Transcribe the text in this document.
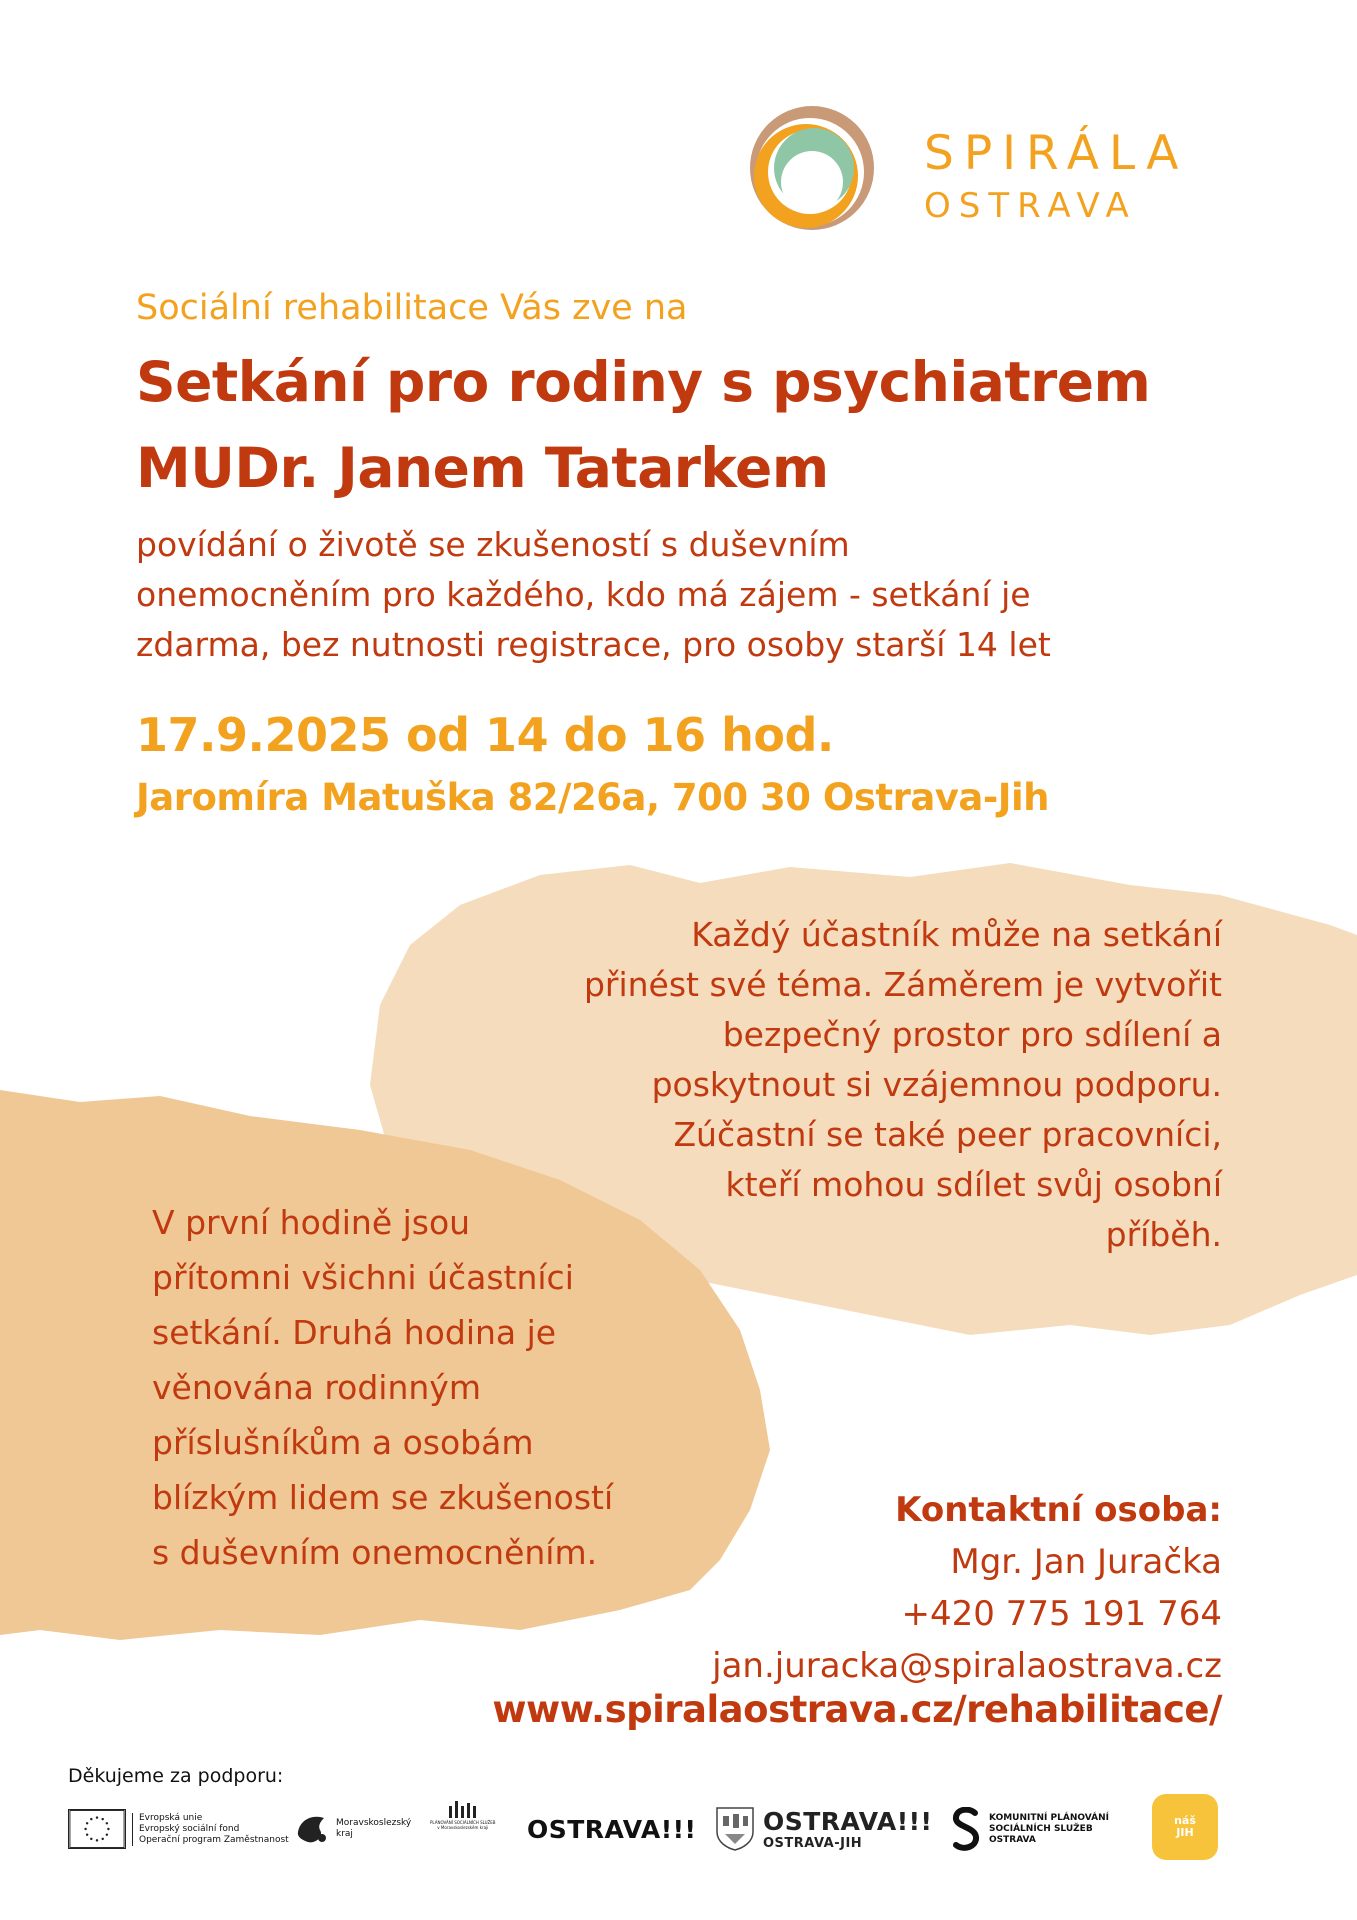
SPIRÁLA
OSTRAVA
Sociální rehabilitace Vás zve na
Setkání pro rodiny s psychiatrem
MUDr. Janem Tatarkem
povídání o životě se zkušeností s duševním
onemocněním pro každého, kdo má zájem - setkání je
zdarma, bez nutnosti registrace, pro osoby starší 14 let
17.9.2025 od 14 do 16 hod.
Jaromíra Matuška 82/26a, 700 30 Ostrava-Jih
Každý účastník může na setkání
přinést své téma. Záměrem je vytvořit
bezpečný prostor pro sdílení a
poskytnout si vzájemnou podporu.
Zúčastní se také peer pracovníci,
kteří mohou sdílet svůj osobní
příběh.
V první hodině jsou
přítomni všichni účastníci
setkání. Druhá hodina je
věnována rodinným
příslušníkům a osobám
blízkým lidem se zkušeností
s duševním onemocněním.
Kontaktní osoba:
Mgr. Jan Juračka
+420 775 191 764
jan.juracka@spiralaostrava.cz
www.spiralaostrava.cz/rehabilitace/
Děkujeme za podporu:
Evropská unie
Evropský sociální fond
Operační program Zaměstnanost
Moravskoslezský
kraj
PLÁNOVÁNÍ SOCIÁLNÍCH SLUŽEB
v Moravskoslezském kraji OSTRAVA!!!	OSTRAVA!!!
OSTRAVA-JIH
KOMUNITNÍ PLÁNOVÁNÍ
SOCIÁLNÍCH SLUŽEB
OSTRAVA
náš
JIH
